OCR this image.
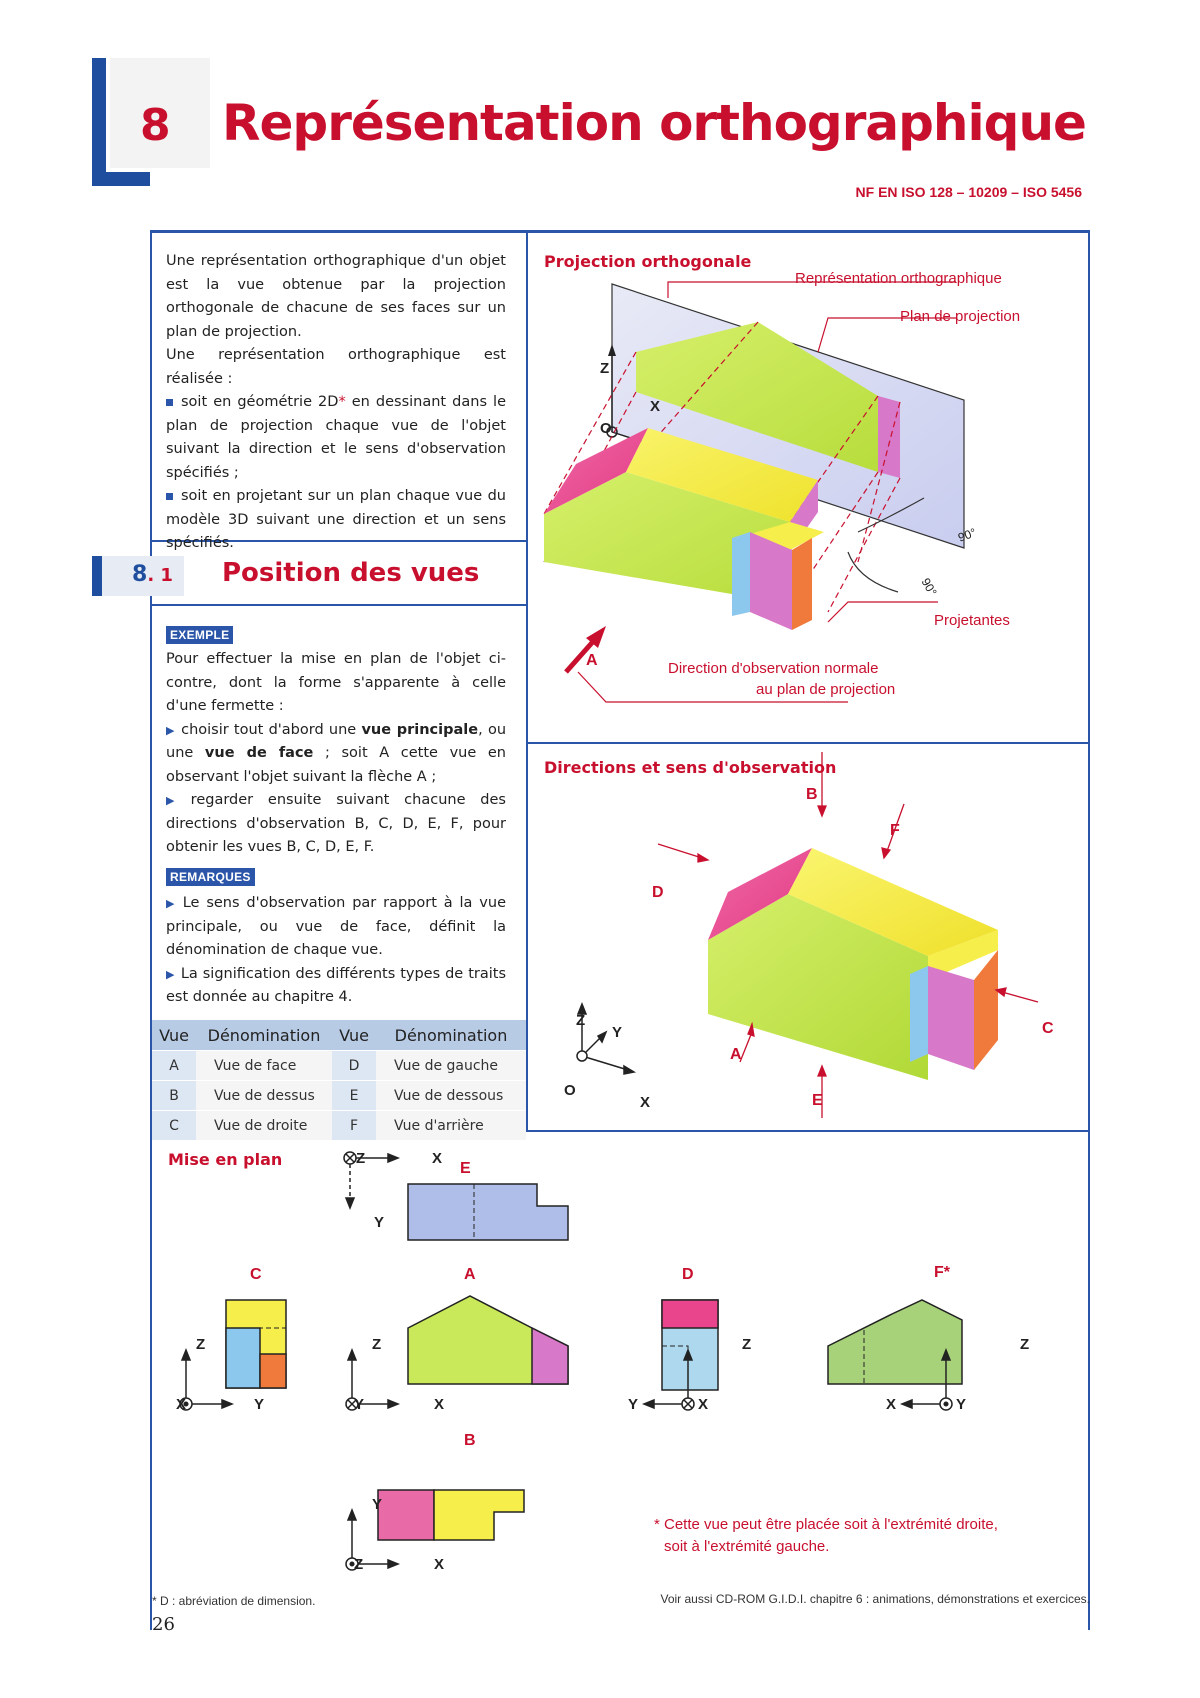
8 Représentation orthographique
NF EN ISO 128 – 10209 – ISO 5456

Une représentation orthographique d'un objet est la vue obtenue par la projection orthogonale de chacune de ses faces sur un plan de projection.

Une représentation orthographique est réalisée :

soit en géométrie 2D* en dessinant dans le plan de projection chaque vue de l'objet suivant la direction et le sens d'observation spécifiés ;

soit en projetant sur un plan chaque vue du modèle 3D suivant une direction et un sens spécifiés.

8. 1 Position des vues
EXEMPLE

Pour effectuer la mise en plan de l'objet ci-contre, dont la forme s'apparente à celle d'une fermette :

▶ choisir tout d'abord une vue principale, ou une vue de face ; soit A cette vue en observant l'objet suivant la flèche A ;

▶ regarder ensuite suivant chacune des directions d'observation B, C, D, E, F, pour obtenir les vues B, C, D, E, F.

REMARQUES

▶ Le sens d'observation par rapport à la vue principale, ou vue de face, définit la dénomination de chaque vue.

▶ La signification des différents types de traits est donnée au chapitre 4.

Vue	Dénomination	Vue	Dénomination
A	Vue de face	D	Vue de gauche
B	Vue de dessus	E	Vue de dessous
C	Vue de droite	F	Vue d'arrière
Projection orthogonale
Représentation orthographique
Plan de projection
Projetantes
Direction d'observation normale
au plan de projection
Z
X
O
A
90°
90°
Directions et sens d'observation
B
F
D
C
A
E
Z
Y
X
O
Mise en plan	E
A
C	D	F*
B
Z	X
Y
Z
X	Y
Z
Y	X
Z
Y	X
Z
X	Y
Y
Z	X
* Cette vue peut être placée soit à l'extrémité droite,
soit à l'extrémité gauche.
* D : abréviation de dimension.	Voir aussi CD-ROM G.I.D.I. chapitre 6 : animations, démonstrations et exercices.
26
